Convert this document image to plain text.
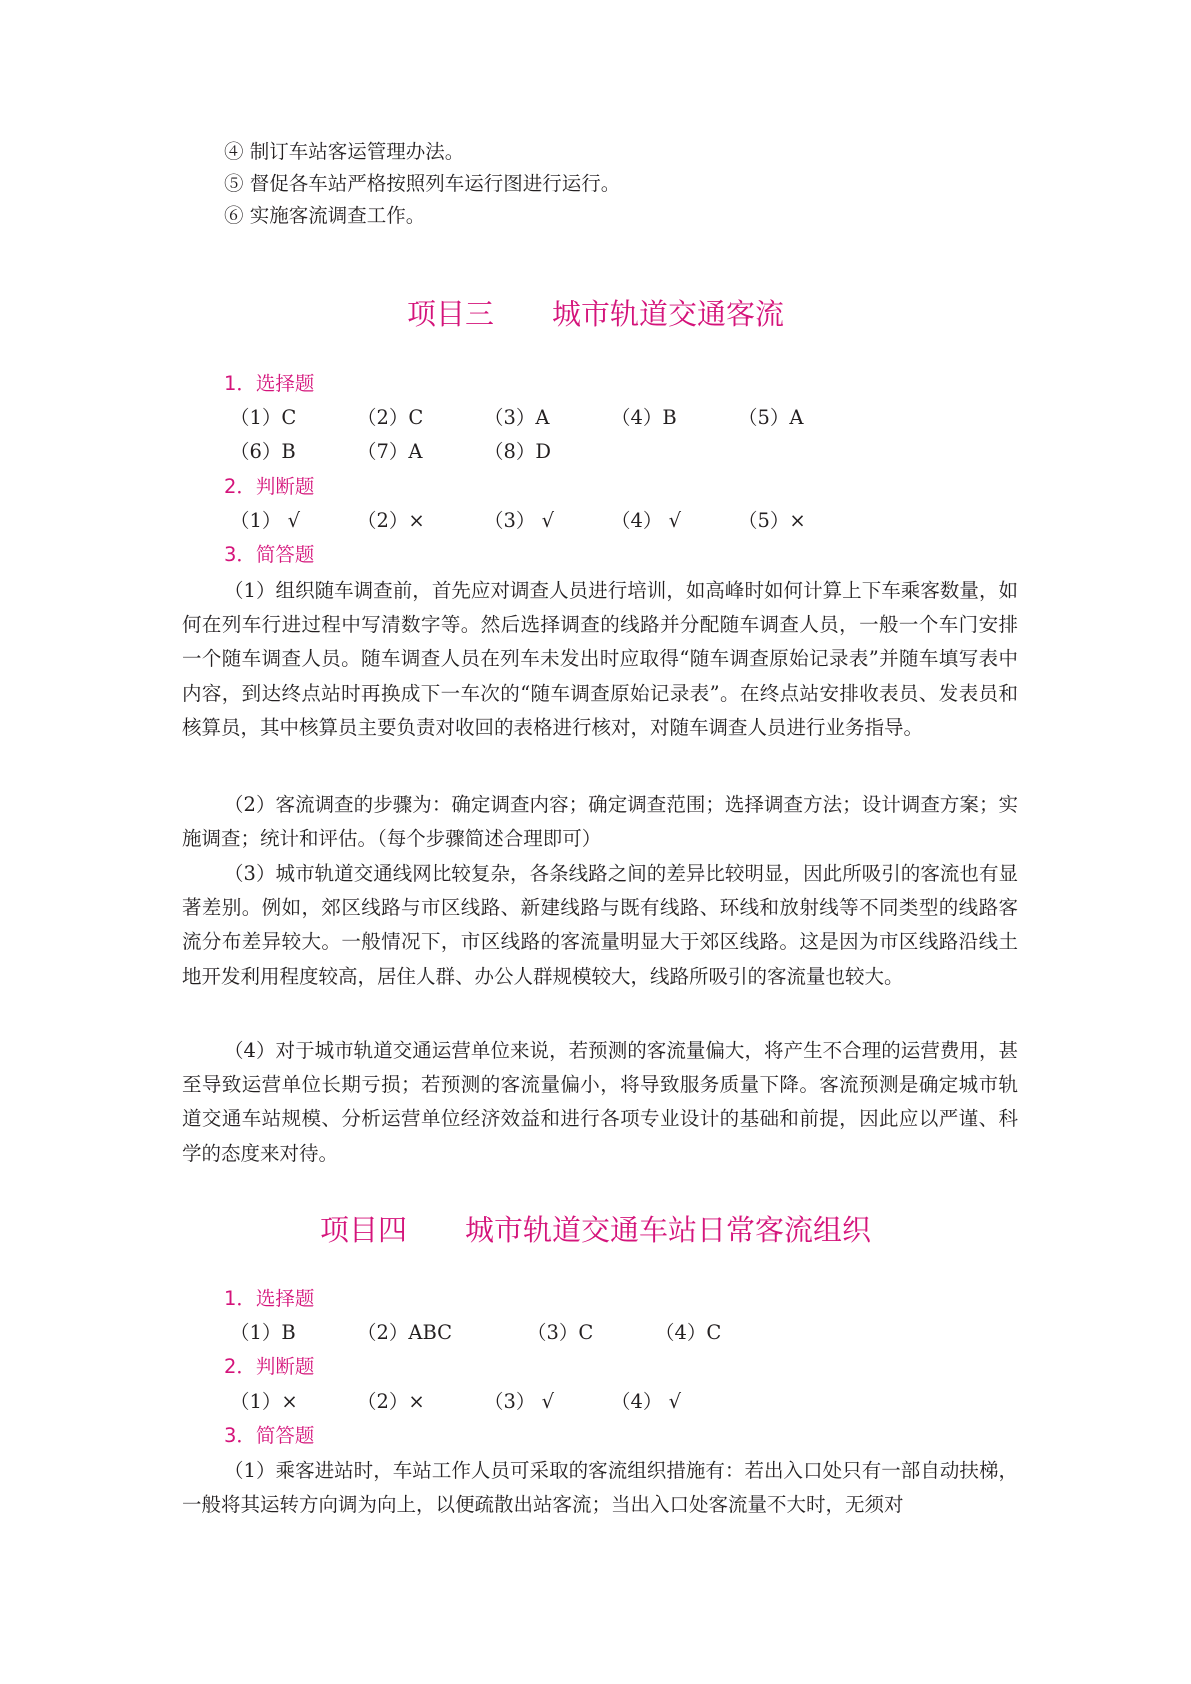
④ 制订车站客运管理办法。
⑤ 督促各车站严格按照列车运行图进行运行。
⑥ 实施客流调查工作。
项目三　　城市轨道交通客流
1．选择题
（1）C	（2）C	（3）A	（4）B	（5）A
（6）B	（7）A	（8）D
2．判断题
（1） √	（2）×	（3） √	（4） √	（5）×
3．简答题

（1）组织随车调查前，首先应对调查人员进行培训，如高峰时如何计算上下车乘客数量，如何在列车行进过程中写清数字等。然后选择调查的线路并分配随车调查人员，一般一个车门安排一个随车调查人员。随车调查人员在列车未发出时应取得“随车调查原始记录表”并随车填写表中内容，到达终点站时再换成下一车次的“随车调查原始记录表”。在终点站安排收表员、发表员和核算员，其中核算员主要负责对收回的表格进行核对，对随车调查人员进行业务指导。

（2）客流调查的步骤为：确定调查内容；确定调查范围；选择调查方法；设计调查方案；实施调查；统计和评估。（每个步骤简述合理即可）

（3）城市轨道交通线网比较复杂，各条线路之间的差异比较明显，因此所吸引的客流也有显著差别。例如，郊区线路与市区线路、新建线路与既有线路、环线和放射线等不同类型的线路客流分布差异较大。一般情况下，市区线路的客流量明显大于郊区线路。这是因为市区线路沿线土地开发利用程度较高，居住人群、办公人群规模较大，线路所吸引的客流量也较大。

（4）对于城市轨道交通运营单位来说，若预测的客流量偏大，将产生不合理的运营费用，甚至导致运营单位长期亏损；若预测的客流量偏小，将导致服务质量下降。客流预测是确定城市轨道交通车站规模、分析运营单位经济效益和进行各项专业设计的基础和前提，因此应以严谨、科学的态度来对待。

项目四　　城市轨道交通车站日常客流组织
1．选择题
（1）B	（2）ABC	（3）C	（4）C
2．判断题
（1）×	（2）×	（3） √	（4） √
3．简答题

（1）乘客进站时，车站工作人员可采取的客流组织措施有：若出入口处只有一部自动扶梯，一般将其运转方向调为向上，以便疏散出站客流；当出入口处客流量不大时，无须对
